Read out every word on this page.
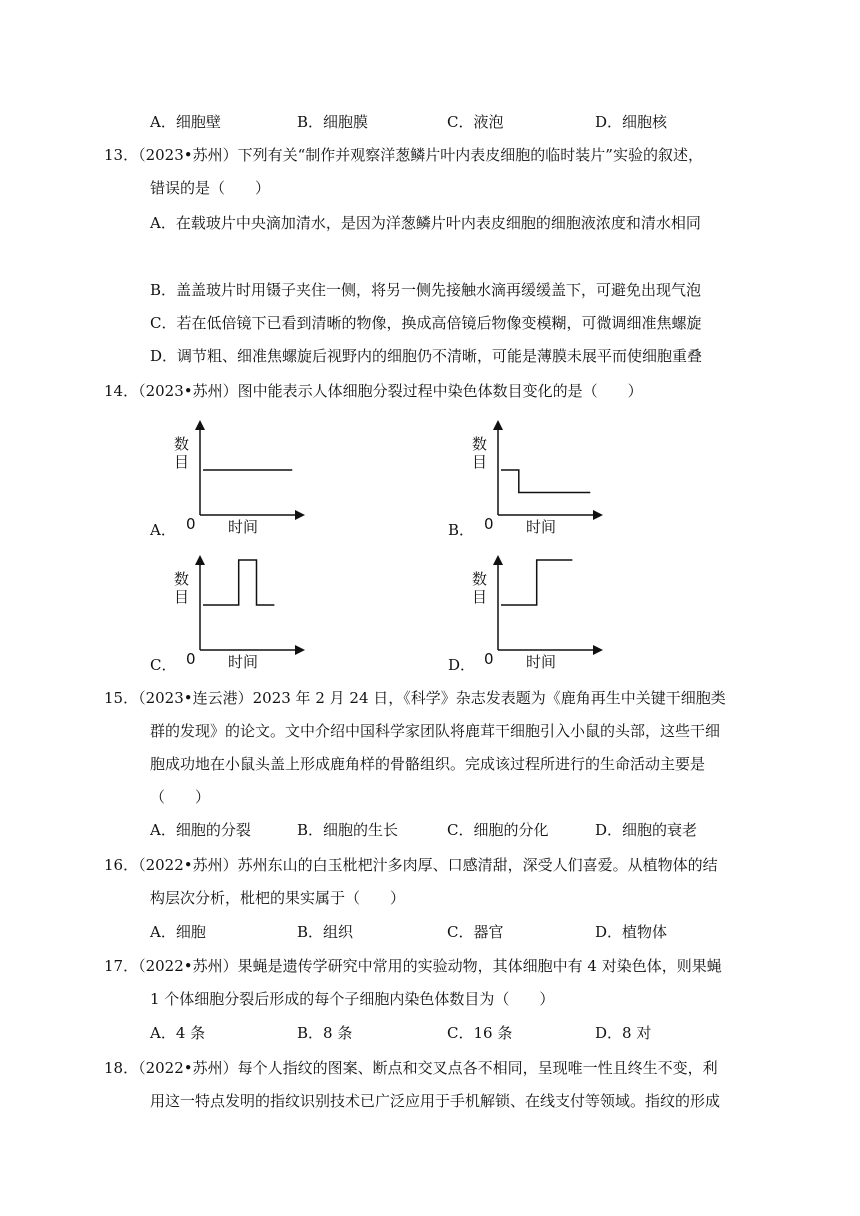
A．细胞壁	B．细胞膜	C．液泡	D．细胞核
13．（2023•苏州）下列有关“制作并观察洋葱鳞片叶内表皮细胞的临时装片”实验的叙述，
错误的是（　　）
A．在载玻片中央滴加清水，是因为洋葱鳞片叶内表皮细胞的细胞液浓度和清水相同
B．盖盖玻片时用镊子夹住一侧，将另一侧先接触水滴再缓缓盖下，可避免出现气泡
C．若在低倍镜下已看到清晰的物像，换成高倍镜后物像变模糊，可微调细准焦螺旋
D．调节粗、细准焦螺旋后视野内的细胞仍不清晰，可能是薄膜未展平而使细胞重叠
14．（2023•苏州）图中能表示人体细胞分裂过程中染色体数目变化的是（　　）
A．	B．
C．	D．
数
目
0 时间
数
目
0 时间
数
目
0 时间
数
目
0 时间
15．（2023•连云港）2023 年 2 月 24 日，《科学》杂志发表题为《鹿角再生中关键干细胞类
群的发现》的论文。文中介绍中国科学家团队将鹿茸干细胞引入小鼠的头部，这些干细
胞成功地在小鼠头盖上形成鹿角样的骨骼组织。完成该过程所进行的生命活动主要是
（　　）
A．细胞的分裂	B．细胞的生长	C．细胞的分化	D．细胞的衰老
16．（2022•苏州）苏州东山的白玉枇杷汁多肉厚、口感清甜，深受人们喜爱。从植物体的结
构层次分析，枇杷的果实属于（　　）
A．细胞	B．组织	C．器官	D．植物体
17．（2022•苏州）果蝇是遗传学研究中常用的实验动物，其体细胞中有 4 对染色体，则果蝇
1 个体细胞分裂后形成的每个子细胞内染色体数目为（　　）
A．4 条	B．8 条	C．16 条	D．8 对
18．（2022•苏州）每个人指纹的图案、断点和交叉点各不相同，呈现唯一性且终生不变，利
用这一特点发明的指纹识别技术已广泛应用于手机解锁、在线支付等领域。指纹的形成
